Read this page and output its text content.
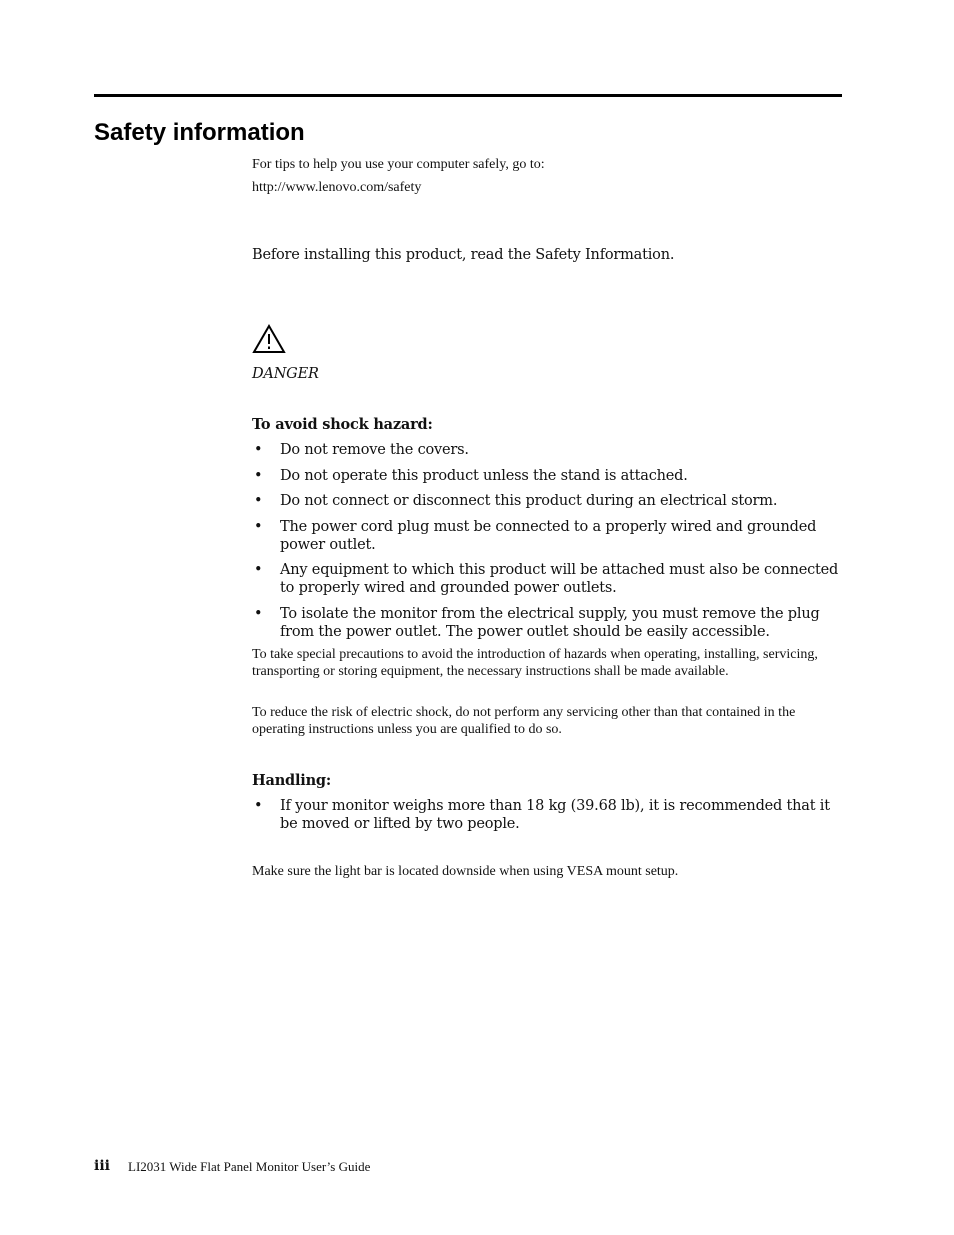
Safety information

For tips to help you use your computer safely, go to:

http://www.lenovo.com/safety

Before installing this product, read the Safety Information.

DANGER

To avoid shock hazard:

• Do not remove the covers.
• Do not operate this product unless the stand is attached.
• Do not connect or disconnect this product during an electrical storm.
• The power cord plug must be connected to a properly wired and grounded power outlet.
• Any equipment to which this product will be attached must also be connected to properly wired and grounded power outlets.
• To isolate the monitor from the electrical supply, you must remove the plug from the power outlet. The power outlet should be easily accessible.

To take special precautions to avoid the introduction of hazards when operating, installing, servicing, transporting or storing equipment, the necessary instructions shall be made available.

To reduce the risk of electric shock, do not perform any servicing other than that contained in the operating instructions unless you are qualified to do so.

Handling:

• If your monitor weighs more than 18 kg (39.68 lb), it is recommended that it be moved or lifted by two people.

Make sure the light bar is located downside when using VESA mount setup.

iii LI2031 Wide Flat Panel Monitor User’s Guide
